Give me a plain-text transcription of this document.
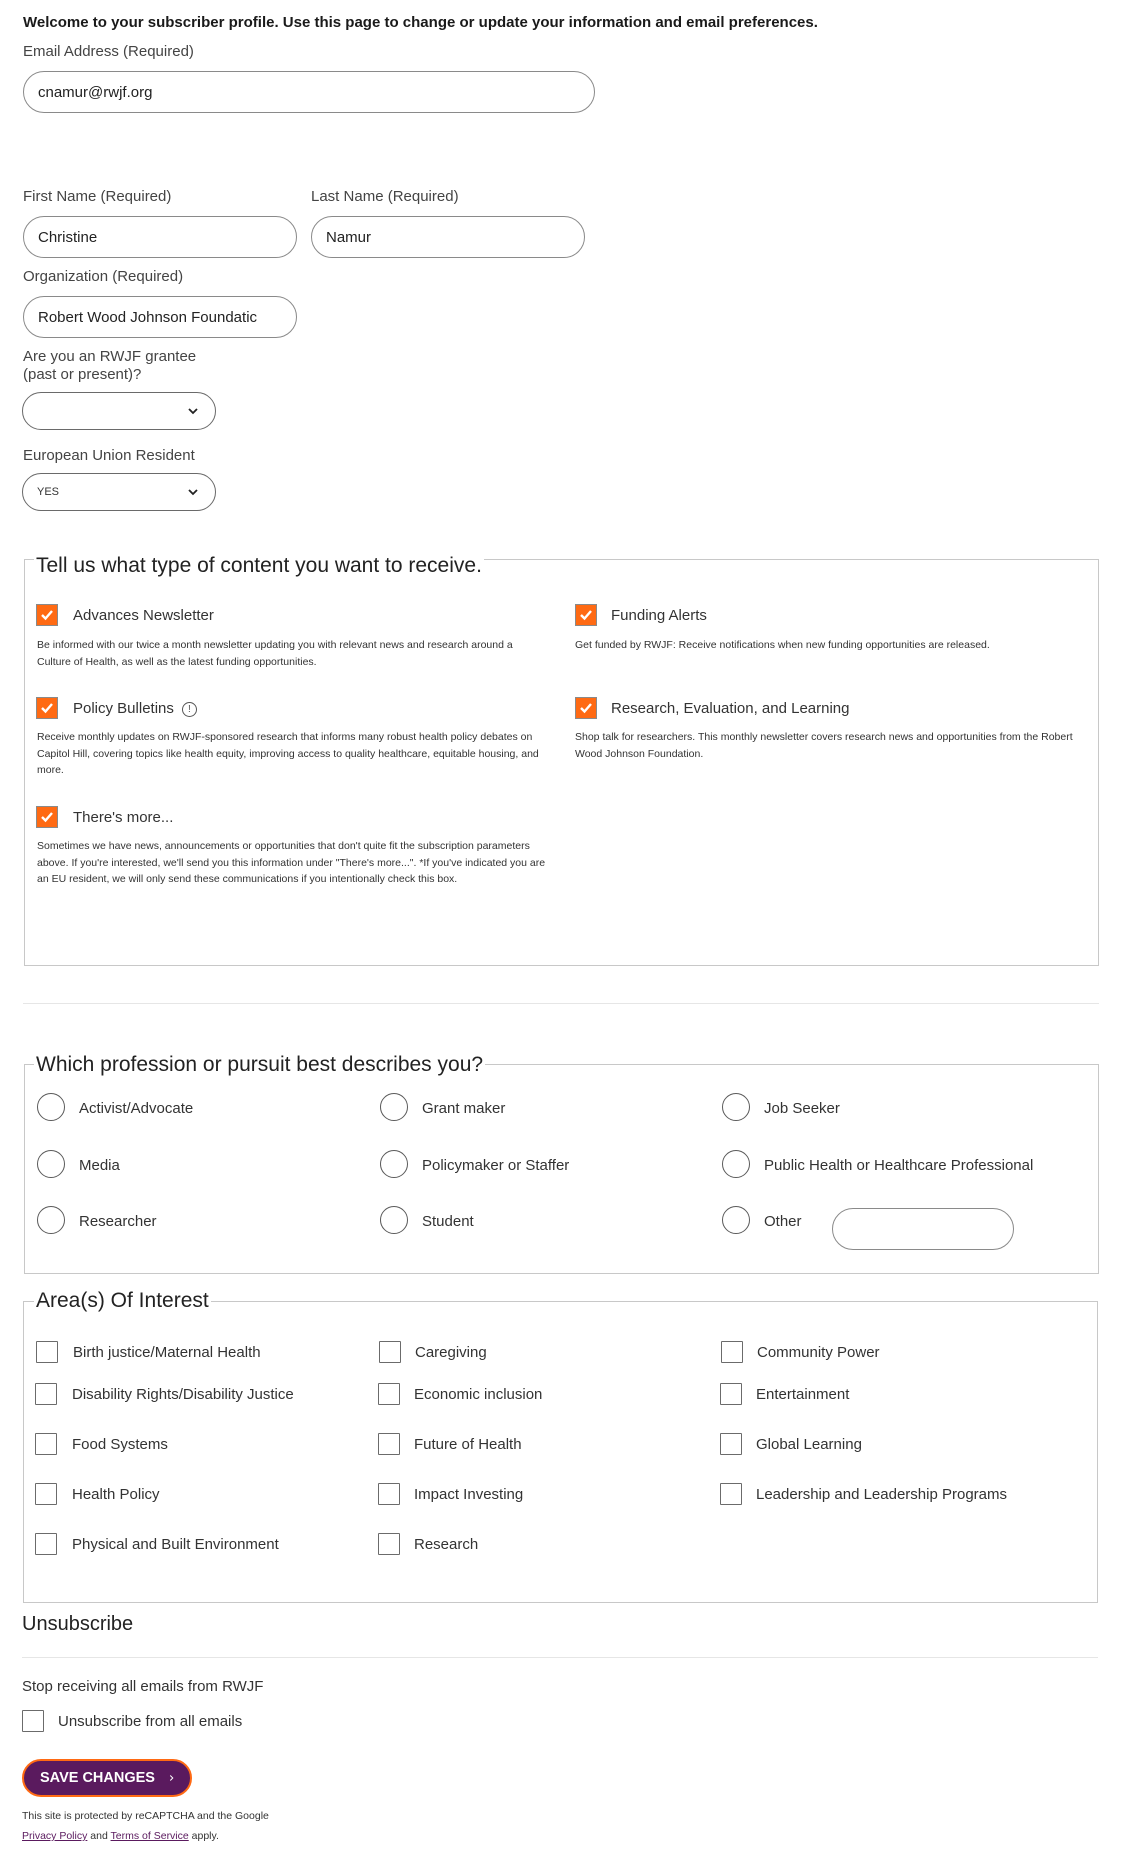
Welcome to your subscriber profile. Use this page to change or update your information and email preferences.
Email Address (Required)
cnamur@rwjf.org
First Name (Required)
Christine	Last Name (Required)
Namur
Organization (Required)
Robert Wood Johnson Foundatic
Are you an RWJF grantee
(past or present)?
European Union Resident
YES
Tell us what type of content you want to receive.
Advances Newsletter
Be informed with our twice a month newsletter updating you with relevant news and research around a Culture of Health, as well as the latest funding opportunities.
Funding Alerts
Get funded by RWJF: Receive notifications when new funding opportunities are released.
Policy Bulletins !
Receive monthly updates on RWJF-sponsored research that informs many robust health policy debates on Capitol Hill, covering topics like health equity, improving access to quality healthcare, equitable housing, and more.
Research, Evaluation, and Learning
Shop talk for researchers. This monthly newsletter covers research news and opportunities from the Robert Wood Johnson Foundation.
There's more...
Sometimes we have news, announcements or opportunities that don't quite fit the subscription parameters above. If you're interested, we'll send you this information under "There's more...". *If you've indicated you are an EU resident, we will only send these communications if you intentionally check this box.
Which profession or pursuit best describes you?
Activist/Advocate	Grant maker	Job Seeker
Media	Policymaker or Staffer	Public Health or Healthcare Professional
Researcher	Student	Other
Area(s) Of Interest
Birth justice/Maternal Health	Caregiving	Community Power
Disability Rights/Disability Justice	Economic inclusion	Entertainment
Food Systems	Future of Health	Global Learning
Health Policy	Impact Investing	Leadership and Leadership Programs
Physical and Built Environment	Research
Unsubscribe
Stop receiving all emails from RWJF
Unsubscribe from all emails
SAVE CHANGES
This site is protected by reCAPTCHA and the Google
Privacy Policy and Terms of Service apply.
